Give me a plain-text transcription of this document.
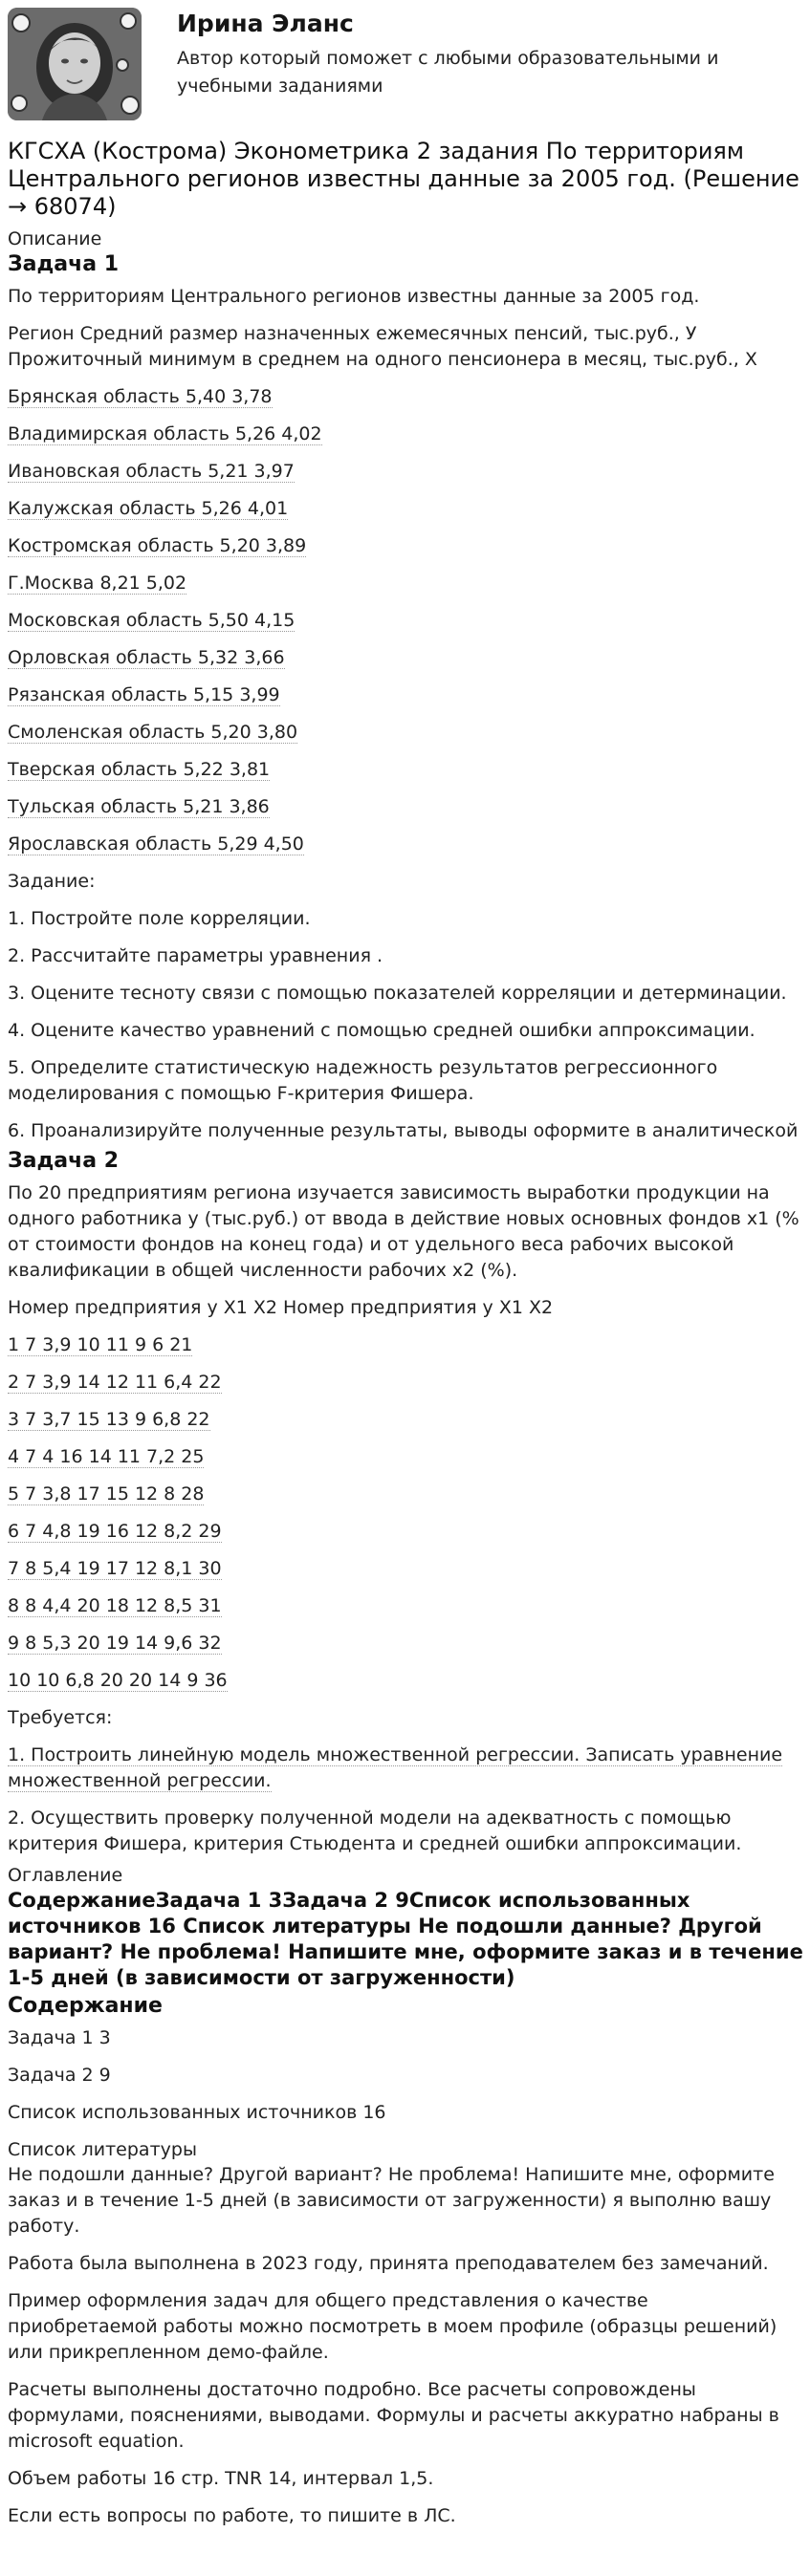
Ирина Эланс
Автор который поможет с любыми образовательными и учебными заданиями
КГСХА (Кострома) Эконометрика 2 задания По территориям Центрального регионов известны данные за 2005 год. (Решение → 68074)
Описание
Задача 1

По территориям Центрального регионов известны данные за 2005 год.

Регион Средний размер назначенных ежемесячных пенсий, тыс.руб., У Прожиточный минимум в среднем на одного пенсионера в месяц, тыс.руб., Х

Брянская область 5,40 3,78

Владимирская область 5,26 4,02

Ивановская область 5,21 3,97

Калужская область 5,26 4,01

Костромская область 5,20 3,89

Г.Москва 8,21 5,02

Московская область 5,50 4,15

Орловская область 5,32 3,66

Рязанская область 5,15 3,99

Смоленская область 5,20 3,80

Тверская область 5,22 3,81

Тульская область 5,21 3,86

Ярославская область 5,29 4,50

Задание:

1. Постройте поле корреляции.

2. Рассчитайте параметры уравнения .

3. Оцените тесноту связи с помощью показателей корреляции и детерминации.

4. Оцените качество уравнений с помощью средней ошибки аппроксимации.

5. Определите статистическую надежность результатов регрессионного моделирования с помощью F-критерия Фишера.

6. Проанализируйте полученные результаты, выводы оформите в аналитической

Задача 2

По 20 предприятиям региона изучается зависимость выработки продукции на одного работника у (тыс.руб.) от ввода в действие новых основных фондов х1 (% от стоимости фондов на конец года) и от удельного веса рабочих высокой квалификации в общей численности рабочих х2 (%).

Номер предприятия у Х1 Х2 Номер предприятия у Х1 Х2

1 7 3,9 10 11 9 6 21

2 7 3,9 14 12 11 6,4 22

3 7 3,7 15 13 9 6,8 22

4 7 4 16 14 11 7,2 25

5 7 3,8 17 15 12 8 28

6 7 4,8 19 16 12 8,2 29

7 8 5,4 19 17 12 8,1 30

8 8 4,4 20 18 12 8,5 31

9 8 5,3 20 19 14 9,6 32

10 10 6,8 20 20 14 9 36

Требуется:

1. Построить линейную модель множественной регрессии. Записать уравнение множественной регрессии.

2. Осуществить проверку полученной модели на адекватность с помощью критерия Фишера, критерия Стьюдента и средней ошибки аппроксимации.

Оглавление
СодержаниеЗадача 1 3Задача 2 9Список использованных источников 16 Список литературы Не подошли данные? Другой вариант? Не проблема! Напишите мне, оформите заказ и в течение 1-5 дней (в зависимости от загруженности)
Содержание

Задача 1 3

Задача 2 9

Список использованных источников 16

Список литературы

Не подошли данные? Другой вариант? Не проблема! Напишите мне, оформите заказ и в течение 1-5 дней (в зависимости от загруженности) я выполню вашу работу.

Работа была выполнена в 2023 году, принята преподавателем без замечаний.

Пример оформления задач для общего представления о качестве приобретаемой работы можно посмотреть в моем профиле (образцы решений) или прикрепленном демо-файле.

Расчеты выполнены достаточно подробно. Все расчеты сопровождены формулами, пояснениями, выводами. Формулы и расчеты аккуратно набраны в microsoft equation.

Объем работы 16 стр. TNR 14, интервал 1,5.

Если есть вопросы по работе, то пишите в ЛС.
